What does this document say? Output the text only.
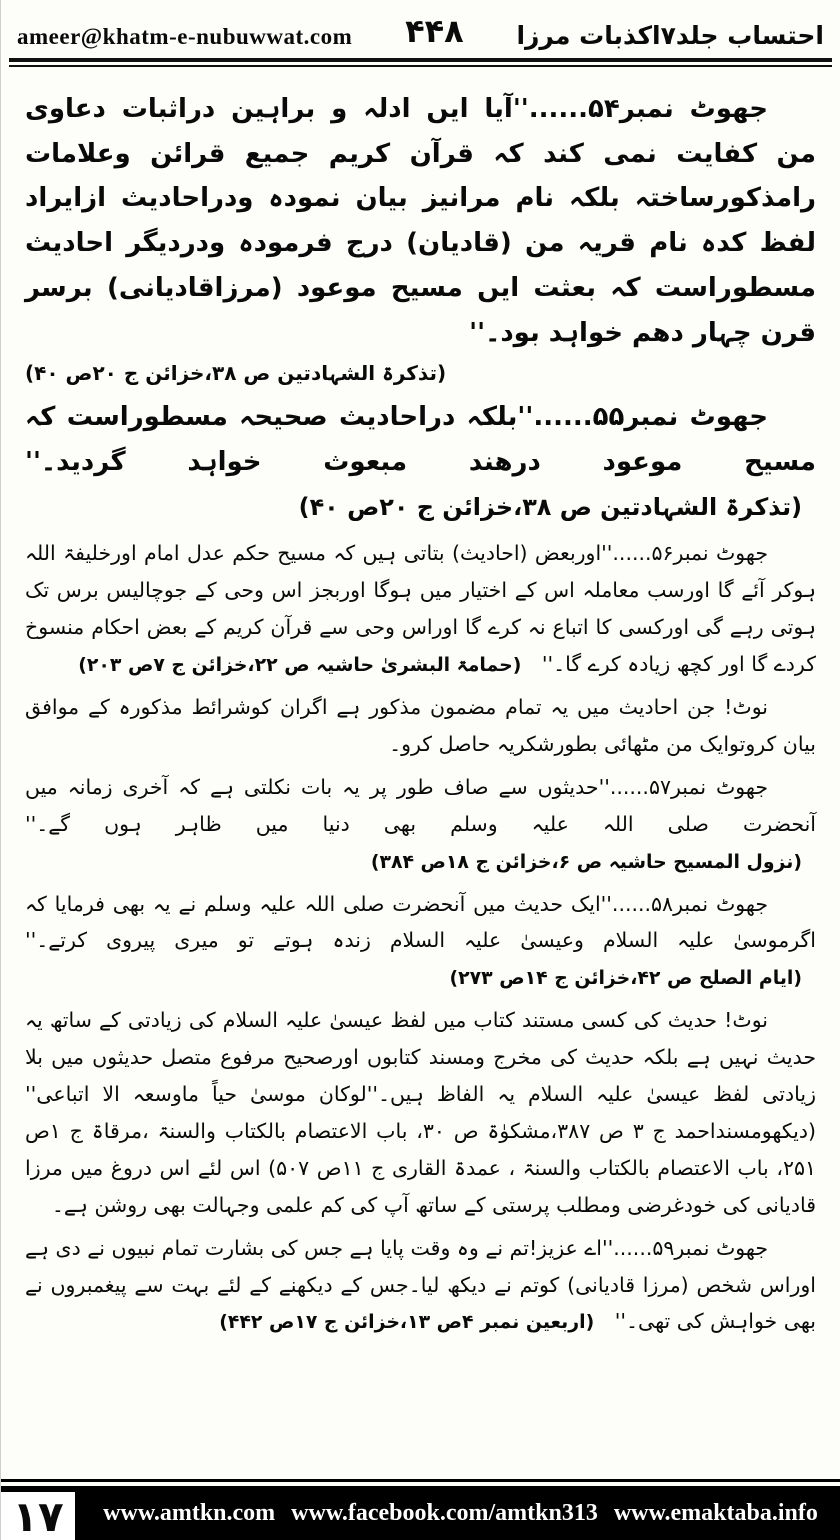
ameer@khatm-e-nubuwwat.com ۴۴۸ احتساب جلد۷اکذبات مرزا

جھوٹ نمبر۵۴......''آیا ایں ادلہ و براہین دراثبات دعاوی من کفایت نمی کند کہ قرآن کریم جمیع قرائن وعلامات رامذکورساختہ بلکہ نام مرانیز بیان نمودہ ودراحادیث ازایراد لفظ کدہ نام قریہ من (قادیان) درج فرمودہ ودردیگر احادیث مسطوراست کہ بعثت ایں مسیح موعود (مرزاقادیانی) برسر قرن چہار دھم خواہد بود۔''

(تذکرۃ الشہادتین ص ۳۸،خزائن ج ۲۰ص ۴۰)

جھوٹ نمبر۵۵......''بلکہ دراحادیث صحیحہ مسطوراست کہ مسیح موعود درھند مبعوث خواہد گردید۔'' (تذکرۃ الشہادتین ص ۳۸،خزائن ج ۲۰ص ۴۰)

جھوٹ نمبر۵۶......''اوربعض (احادیث) بتاتی ہیں کہ مسیح حکم عدل امام اورخلیفۃ اللہ ہوکر آئے گا اورسب معاملہ اس کے اختیار میں ہوگا اوربجز اس وحی کے جوچالیس برس تک ہوتی رہے گی اورکسی کا اتباع نہ کرے گا اوراس وحی سے قرآن کریم کے بعض احکام منسوخ کردے گا اور کچھ زیادہ کرے گا۔'' (حمامۃ البشریٰ حاشیہ ص ۲۲،خزائن ج ۷ص ۲۰۳)

نوٹ! جن احادیث میں یہ تمام مضمون مذکور ہے اگران کوشرائط مذکورہ کے موافق بیان کروتوایک من مٹھائی بطورشکریہ حاصل کرو۔

جھوٹ نمبر۵۷......''حدیثوں سے صاف طور پر یہ بات نکلتی ہے کہ آخری زمانہ میں آنحضرت صلی اللہ علیہ وسلم بھی دنیا میں ظاہر ہوں گے۔'' (نزول المسیح حاشیہ ص ۶،خزائن ج ۱۸ص ۳۸۴)

جھوٹ نمبر۵۸......''ایک حدیث میں آنحضرت صلی اللہ علیہ وسلم نے یہ بھی فرمایا کہ اگرموسیٰ علیہ السلام وعیسیٰ علیہ السلام زندہ ہوتے تو میری پیروی کرتے۔'' (ایام الصلح ص ۴۲،خزائن ج ۱۴ص ۲۷۳)

نوٹ! حدیث کی کسی مستند کتاب میں لفظ عیسیٰ علیہ السلام کی زیادتی کے ساتھ یہ حدیث نہیں ہے بلکہ حدیث کی مخرج ومسند کتابوں اورصحیح مرفوع متصل حدیثوں میں بلا زیادتی لفظ عیسیٰ علیہ السلام یہ الفاظ ہیں۔''لوکان موسیٰ حیاً ماوسعہ الا اتباعی'' (دیکھومسنداحمد ج ۳ ص ۳۸۷،مشکوٰۃ ص ۳۰، باب الاعتصام بالکتاب والسنۃ ،مرقاۃ ج ۱ص ۲۵۱، باب الاعتصام بالکتاب والسنۃ ، عمدۃ القاری ج ۱۱ص ۵۰۷) اس لئے اس دروغ میں مرزا قادیانی کی خودغرضی ومطلب پرستی کے ساتھ آپ کی کم علمی وجہالت بھی روشن ہے۔

جھوٹ نمبر۵۹......''اے عزیز!تم نے وہ وقت پایا ہے جس کی بشارت تمام نبیوں نے دی ہے اوراس شخص (مرزا قادیانی) کوتم نے دیکھ لیا۔جس کے دیکھنے کے لئے بہت سے پیغمبروں نے بھی خواہش کی تھی۔'' (اربعین نمبر ۴ص ۱۳،خزائن ج ۱۷ص ۴۴۲)

۱۷ www.amtkn.com www.facebook.com/amtkn313 www.emaktaba.info
